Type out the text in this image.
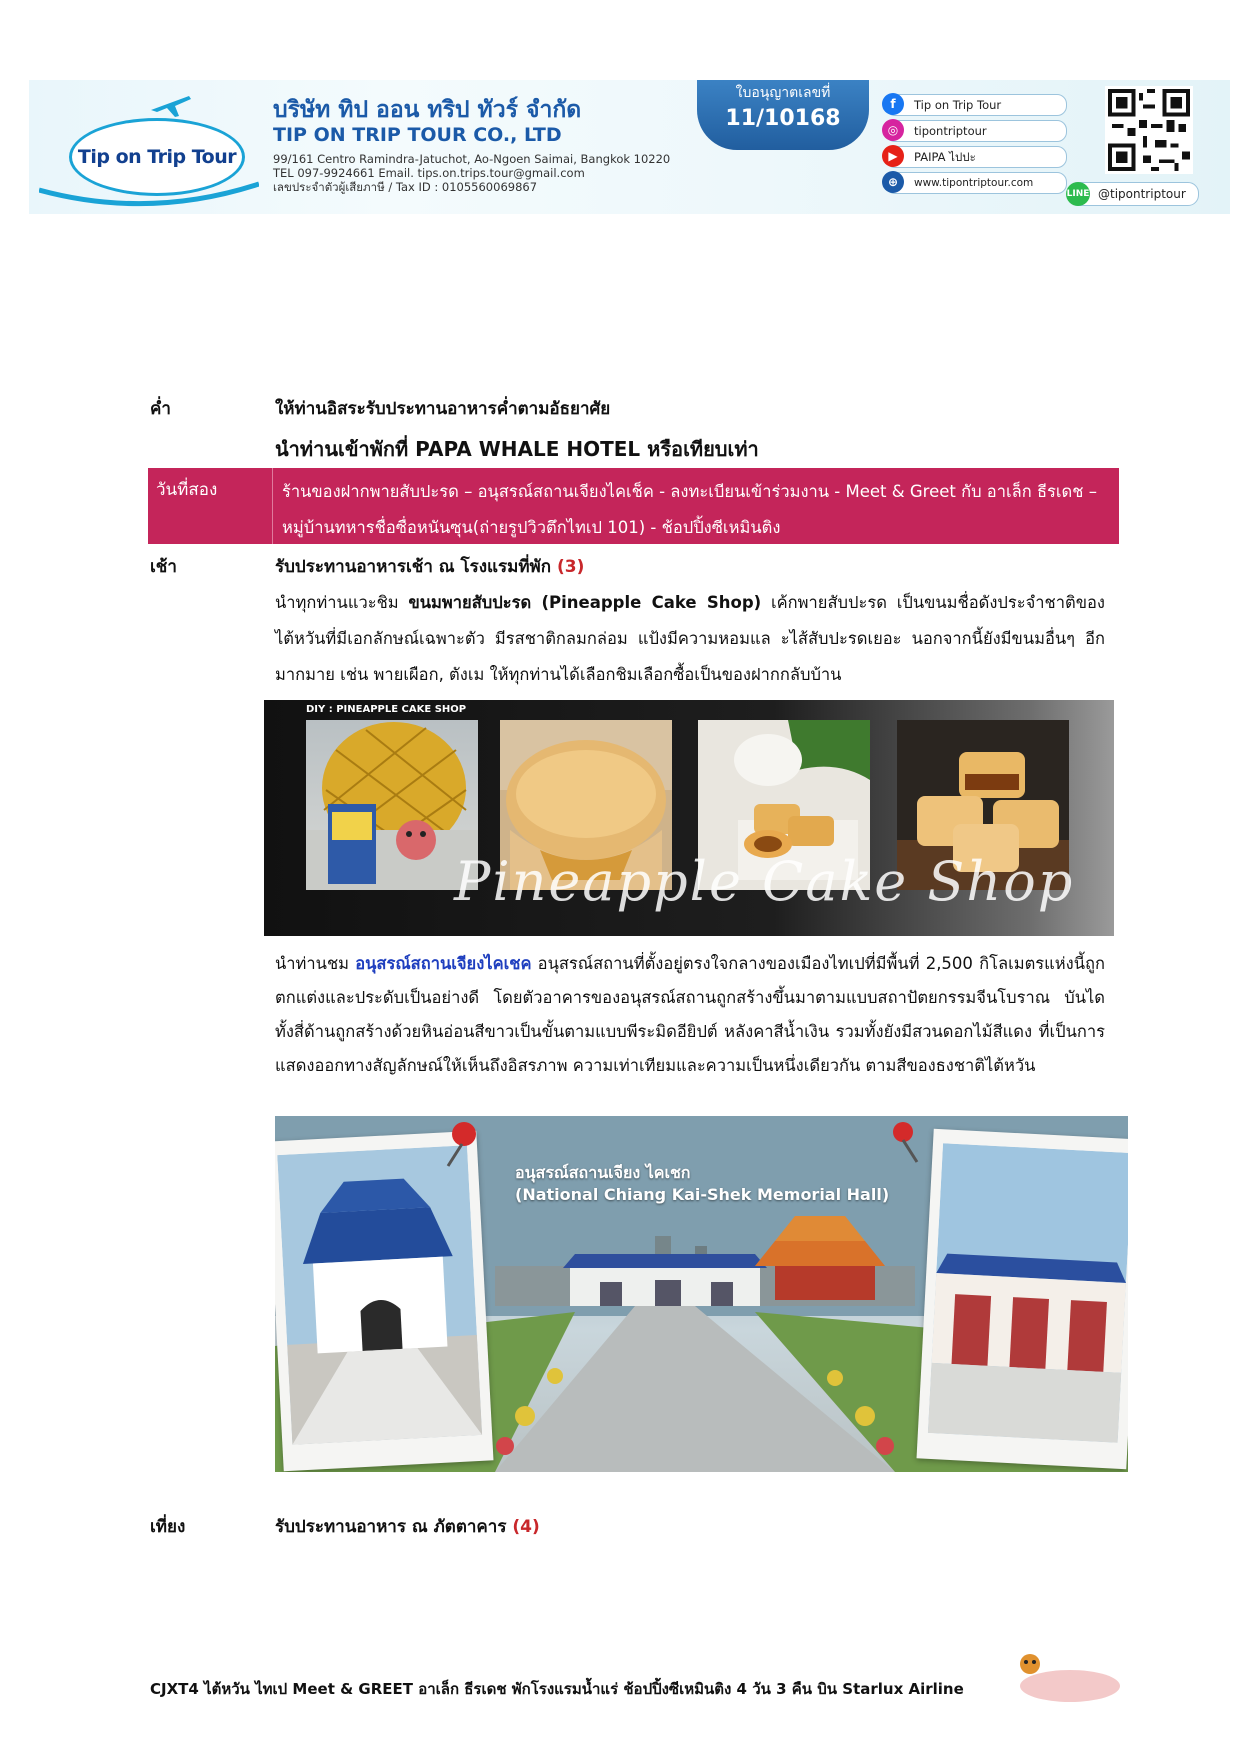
Tip on Trip Tour
บริษัท ทิป ออน ทริป ทัวร์ จำกัด
TIP ON TRIP TOUR CO., LTD
99/161 Centro Ramindra-Jatuchot, Ao-Ngoen Saimai, Bangkok 10220
TEL 097-9924661 Email. tips.on.trips.tour@gmail.com
เลขประจำตัวผู้เสียภาษี / Tax ID : 0105560069867
ใบอนุญาตเลขที่
11/10168
f	Tip on Trip Tour
◎	tipontriptour
▶	PAIPA ไปปะ
⊕	www.tipontriptour.com
LINE @tipontriptour
ค่ำ	ให้ท่านอิสระรับประทานอาหารค่ำตามอัธยาศัย
นำท่านเข้าพักที่ PAPA WHALE HOTEL หรือเทียบเท่า
วันที่สอง	ร้านของฝากพายสับปะรด – อนุสรณ์สถานเจียงไคเช็ค - ลงทะเบียนเข้าร่วมงาน - Meet & Greet กับ อาเล็ก ธีรเดช – หมู่บ้านทหารชื่อซื่อหนันซุน(ถ่ายรูปวิวตึกไทเป 101) - ช้อปปิ้งซีเหมินติง
เช้า	รับประทานอาหารเช้า ณ โรงแรมที่พัก (3)

นำทุกท่านแวะชิม ขนมพายสับปะรด (Pineapple Cake Shop) เค้กพายสับปะรด เป็นขนมชื่อดังประจำชาติของไต้หวันที่มีเอกลักษณ์เฉพาะตัว มีรสชาติกลมกล่อม แป้งมีความหอมแล ะไส้สับปะรดเยอะ นอกจากนี้ยังมีขนมอื่นๆ อีกมากมาย เช่น พายเผือก, ตังเม ให้ทุกท่านได้เลือกชิมเลือกซื้อเป็นของฝากกลับบ้าน

DIY : PINEAPPLE CAKE SHOP
Pineapple Cake Shop

นำท่านชม อนุสรณ์สถานเจียงไคเชค อนุสรณ์สถานที่ตั้งอยู่ตรงใจกลางของเมืองไทเปที่มีพื้นที่ 2,500 กิโลเมตรแห่งนี้ถูกตกแต่งและประดับเป็นอย่างดี โดยตัวอาคารของอนุสรณ์สถานถูกสร้างขึ้นมาตามแบบสถาปัตยกรรมจีนโบราณ บันไดทั้งสี่ด้านถูกสร้างด้วยหินอ่อนสีขาวเป็นขั้นตามแบบพีระมิดอียิปต์ หลังคาสีน้ำเงิน รวมทั้งยังมีสวนดอกไม้สีแดง ที่เป็นการแสดงออกทางสัญลักษณ์ให้เห็นถึงอิสรภาพ ความเท่าเทียมและความเป็นหนึ่งเดียวกัน ตามสีของธงชาติไต้หวัน

อนุสรณ์สถานเจียง ไคเชก
(National Chiang Kai-Shek Memorial Hall)
เที่ยง	รับประทานอาหาร ณ ภัตตาคาร (4)
CJXT4 ไต้หวัน ไทเป Meet & GREET อาเล็ก ธีรเดช พักโรงแรมน้ำแร่ ช้อปปิ้งซีเหมินติง 4 วัน 3 คืน บิน Starlux Airline
